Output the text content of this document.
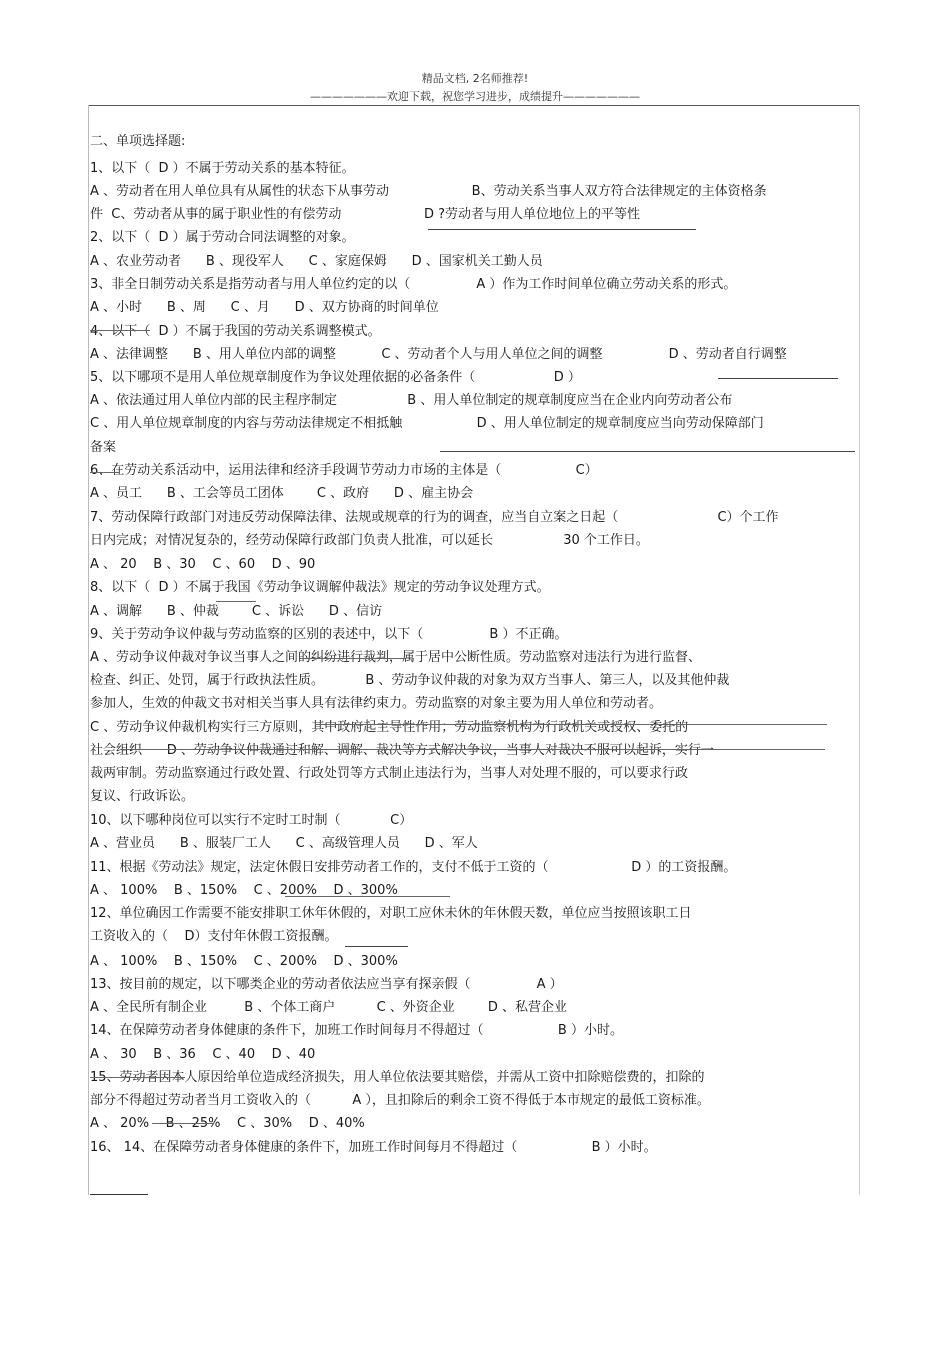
精品文档, 2名师推荐!
———————欢迎下载，祝您学习进步，成绩提升———————
二、单项选择题:
1、以下（  D ）不属于劳动关系的基本特征。
A 、劳动者在用人单位具有从属性的状态下从事劳动                    B、劳动关系当事人双方符合法律规定的主体资格条
件  C、劳动者从事的属于职业性的有偿劳动                    D ?劳动者与用人单位地位上的平等性
2、以下（  D ）属于劳动合同法调整的对象。
A 、农业劳动者      B 、现役军人      C 、家庭保姆      D 、国家机关工勤人员
3、非全日制劳动关系是指劳动者与用人单位约定的以（                A ）作为工作时间单位确立劳动关系的形式。
A 、小时      B 、周      C 、月      D 、双方协商的时间单位
4、以下（  D ）不属于我国的劳动关系调整模式。
A 、法律调整      B 、用人单位内部的调整           C 、劳动者个人与用人单位之间的调整                D 、劳动者自行调整
5、以下哪项不是用人单位规章制度作为争议处理依据的必备条件（                   D ）
A 、依法通过用人单位内部的民主程序制定                 B 、用人单位制定的规章制度应当在企业内向劳动者公布
C 、用人单位规章制度的内容与劳动法律规定不相抵触                  D 、用人单位制定的规章制度应当向劳动保障部门
备案
6、在劳动关系活动中，运用法律和经济手段调节劳动力市场的主体是（                  C）
A 、员工      B 、工会等员工团体        C 、政府      D 、雇主协会
7、劳动保障行政部门对违反劳动保障法律、法规或规章的行为的调查，应当自立案之日起（                        C）个工作
日内完成；对情况复杂的，经劳动保障行政部门负责人批准，可以延长                 30 个工作日。
A 、 20    B 、30    C 、60    D 、90
8、以下（  D ）不属于我国《劳动争议调解仲裁法》规定的劳动争议处理方式。
A 、调解      B 、仲裁        C 、诉讼      D 、信访
9、关于劳动争议仲裁与劳动监察的区别的表述中，以下（                B ）不正确。
A 、劳动争议仲裁对争议当事人之间的纠纷进行裁判，属于居中公断性质。劳动监察对违法行为进行监督、
检查、纠正、处罚，属于行政执法性质。          B 、劳动争议仲裁的对象为双方当事人、第三人，以及其他仲裁
参加人，生效的仲裁文书对相关当事人具有法律约束力。劳动监察的对象主要为用人单位和劳动者。
C 、劳动争议仲裁机构实行三方原则，其中政府起主导性作用；劳动监察机构为行政机关或授权、委托的
社会组织      D 、劳动争议仲裁通过和解、调解、裁决等方式解决争议，当事人对裁决不服可以起诉，实行一
裁两审制。劳动监察通过行政处置、行政处罚等方式制止违法行为，当事人对处理不服的，可以要求行政
复议、行政诉讼。
10、以下哪种岗位可以实行不定时工时制（            C）
A 、营业员      B 、服装厂工人      C 、高级管理人员      D 、军人
11、根据《劳动法》规定，法定休假日安排劳动者工作的，支付不低于工资的（                    D ）的工资报酬。
A 、 100%    B 、150%    C 、200%    D 、300%
12、单位确因工作需要不能安排职工休年休假的，对职工应休未休的年休假天数，单位应当按照该职工日
工资收入的（    D）支付年休假工资报酬。
A 、 100%    B 、150%    C 、200%    D 、300%
13、按目前的规定，以下哪类企业的劳动者依法应当享有探亲假（                A ）
A 、全民所有制企业         B 、个体工商户          C 、外资企业        D 、私营企业
14、在保障劳动者身体健康的条件下，加班工作时间每月不得超过（                  B ）小时。
A 、 30    B 、36    C 、40    D 、40
15、劳动者因本人原因给单位造成经济损失，用人单位依法要其赔偿，并需从工资中扣除赔偿费的，扣除的
部分不得超过劳动者当月工资收入的（          A ），且扣除后的剩余工资不得低于本市规定的最低工资标准。
A 、 20%    B 、25%    C 、30%    D 、40%
16、 14、在保障劳动者身体健康的条件下，加班工作时间每月不得超过（                  B ）小时。
